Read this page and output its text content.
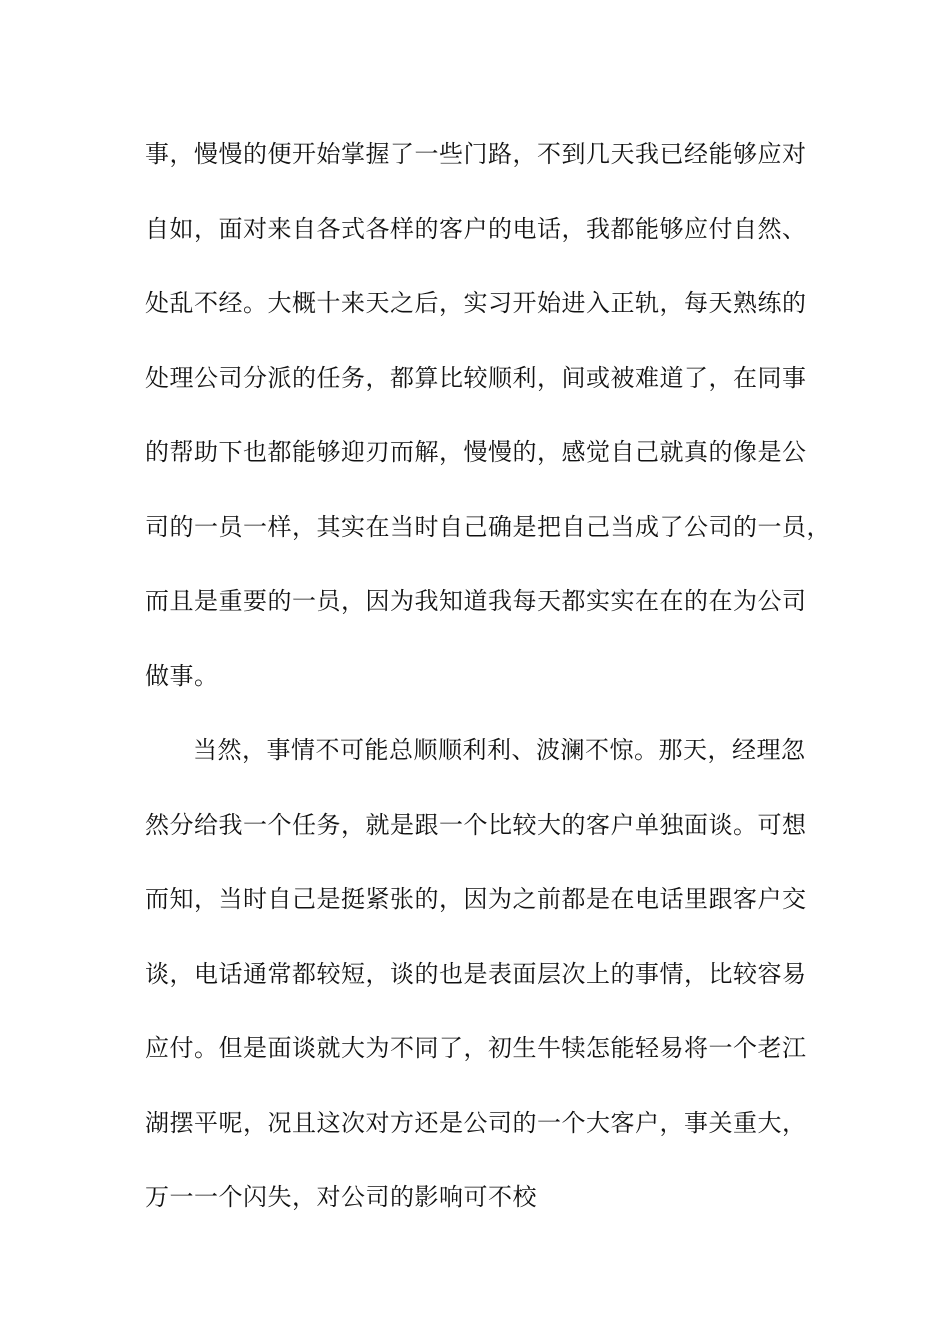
事，慢慢的便开始掌握了一些门路，不到几天我已经能够应对
自如，面对来自各式各样的客户的电话，我都能够应付自然、
处乱不经。大概十来天之后，实习开始进入正轨，每天熟练的
处理公司分派的任务，都算比较顺利，间或被难道了，在同事
的帮助下也都能够迎刃而解，慢慢的，感觉自己就真的像是公
司的一员一样，其实在当时自己确是把自己当成了公司的一员，
而且是重要的一员，因为我知道我每天都实实在在的在为公司
做事。
当然，事情不可能总顺顺利利、波澜不惊。那天，经理忽
然分给我一个任务，就是跟一个比较大的客户单独面谈。可想
而知，当时自己是挺紧张的，因为之前都是在电话里跟客户交
谈，电话通常都较短，谈的也是表面层次上的事情，比较容易
应付。但是面谈就大为不同了，初生牛犊怎能轻易将一个老江
湖摆平呢，况且这次对方还是公司的一个大客户，事关重大，
万一一个闪失，对公司的影响可不校
